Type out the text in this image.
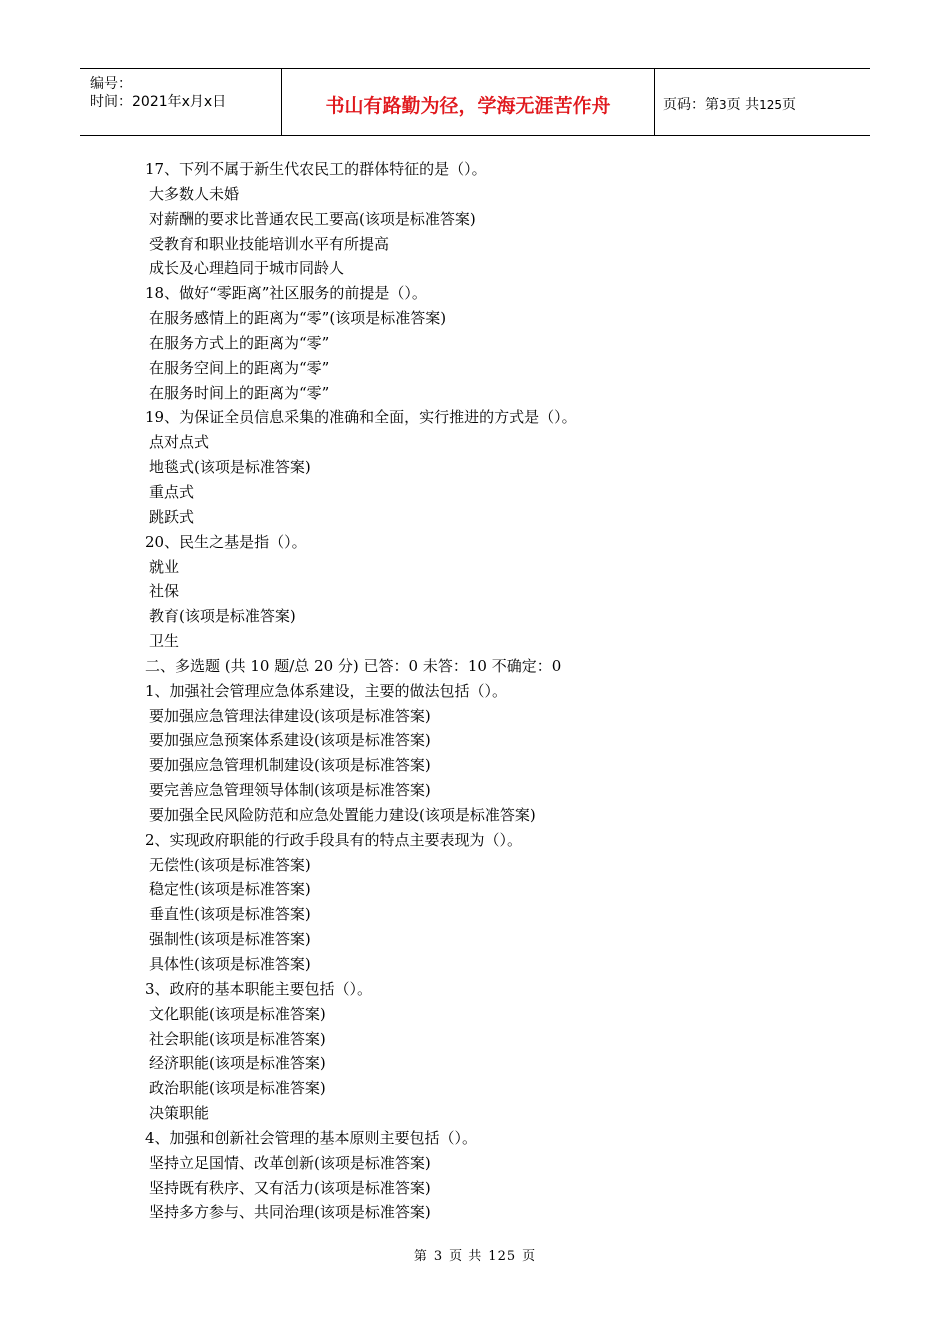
编号：
时间：2021年x月x日	书山有路勤为径，学海无涯苦作舟	页码：第3页 共125页
17、下列不属于新生代农民工的群体特征的是（）。
大多数人未婚
对薪酬的要求比普通农民工要高(该项是标准答案)
受教育和职业技能培训水平有所提高
成长及心理趋同于城市同龄人
18、做好“零距离”社区服务的前提是（）。
在服务感情上的距离为“零”(该项是标准答案)
在服务方式上的距离为“零”
在服务空间上的距离为“零”
在服务时间上的距离为“零”
19、为保证全员信息采集的准确和全面，实行推进的方式是（）。
点对点式
地毯式(该项是标准答案)
重点式
跳跃式
20、民生之基是指（）。
就业
社保
教育(该项是标准答案)
卫生
二、多选题 (共 10 题/总 20 分) 已答：0 未答：10 不确定：0
1、加强社会管理应急体系建设，主要的做法包括（）。
要加强应急管理法律建设(该项是标准答案)
要加强应急预案体系建设(该项是标准答案)
要加强应急管理机制建设(该项是标准答案)
要完善应急管理领导体制(该项是标准答案)
要加强全民风险防范和应急处置能力建设(该项是标准答案)
2、实现政府职能的行政手段具有的特点主要表现为（）。
无偿性(该项是标准答案)
稳定性(该项是标准答案)
垂直性(该项是标准答案)
强制性(该项是标准答案)
具体性(该项是标准答案)
3、政府的基本职能主要包括（）。
文化职能(该项是标准答案)
社会职能(该项是标准答案)
经济职能(该项是标准答案)
政治职能(该项是标准答案)
决策职能
4、加强和创新社会管理的基本原则主要包括（）。
坚持立足国情、改革创新(该项是标准答案)
坚持既有秩序、又有活力(该项是标准答案)
坚持多方参与、共同治理(该项是标准答案)
第 3 页 共 125 页
